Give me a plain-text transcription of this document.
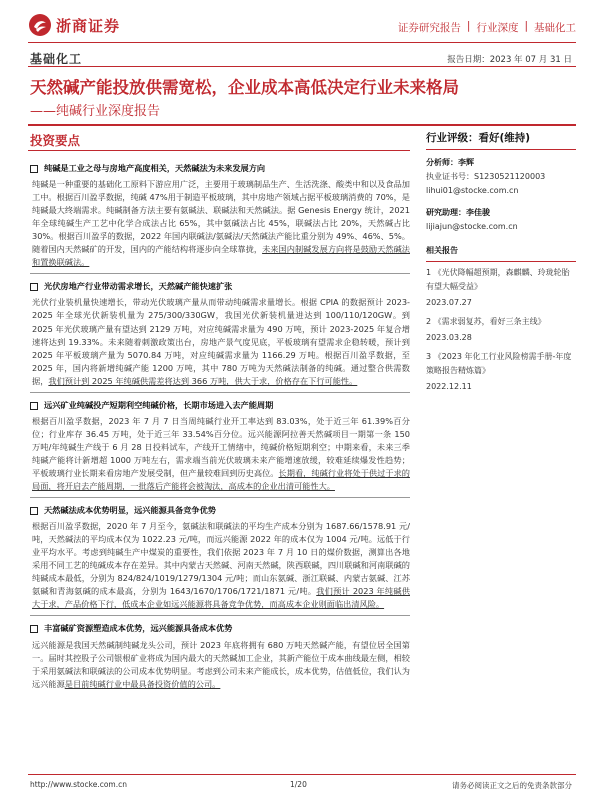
浙商证券	证券研究报告 | 行业深度 | 基础化工
基础化工	报告日期：2023 年 07 月 31 日
天然碱产能投放供需宽松，企业成本高低决定行业未来格局
——纯碱行业深度报告
投资要点
纯碱是工业之母与房地产高度相关，天然碱法为未来发展方向
纯碱是一种重要的基础化工原料下游应用广泛，主要用于玻璃制品生产、生活洗涤、酸类中和以及食品加工中。根据百川盈孚数据，纯碱 47%用于制造平板玻璃，其中房地产领域占据平板玻璃消费的 70%，是纯碱最大终端需求。纯碱制备方法主要有氨碱法、联碱法和天然碱法。据 Genesis Energy 统计，2021 年全球纯碱生产工艺中化学合成法占比 65%，其中氨碱法占比 45%，联碱法占比 20%，天然碱占比 30%。根据百川盈孚的数据，2022 年国内联碱法/氨碱法/天然碱法产能比重分别为 49%、46%、5%。随着国内天然碱矿的开发，国内的产能结构将逐步向全球靠拢，未来国内制碱发展方向将是鼓励天然碱法和置换联碱法。
光伏房地产行业带动需求增长，天然碱产能快速扩张
光伏行业装机量快速增长，带动光伏玻璃产量从而带动纯碱需求量增长。根据 CPIA 的数据预计 2023-2025 年全球光伏新装机量为 275/300/330GW，我国光伏新装机量进达到 100/110/120GW。到 2025 年光伏玻璃产量有望达到 2129 万吨，对应纯碱需求量为 490 万吨，预计 2023-2025 年复合增速将达到 19.33%。未来随着刺激政策出台，房地产景气度见底，平板玻璃有望需求企稳转暖，预计到 2025 年平板玻璃产量为 5070.84 万吨，对应纯碱需求量为 1166.29 万吨。根据百川盈孚数据，至 2025 年，国内将新增纯碱产能 1200 万吨，其中 780 万吨为天然碱法制备的纯碱。通过整合供需数据，我们预计到 2025 年纯碱供需差将达到 366 万吨，供大于求，价格存在下行可能性。
远兴矿业纯碱投产短期利空纯碱价格，长期市场进入去产能周期
根据百川盈孚数据，2023 年 7 月 7 日当周纯碱行业开工率达到 83.03%，处于近三年 61.39%百分位；行业库存 36.45 万吨，处于近三年 33.54%百分位。远兴能源阿拉善天然碱项目一期第一条 150 万吨/年纯碱生产线于 6 月 28 日投料试车，产线开工情绪中，纯碱价格短期利空；中期来看，未来三季纯碱产能将计新增超 1000 万吨左右，需求端当前光伏玻璃未来产能增速放缓，较难延续爆发性趋势；平板玻璃行业长期来看房地产发展受制，但产量较难回到历史高位。长期看，纯碱行业将处于供过于求的局面，将开启去产能周期，一批落后产能将会被淘汰，高成本的企业出清可能性大。
天然碱法成本优势明显，远兴能源具备竞争优势
根据百川盈孚数据，2020 年 7 月至今，氨碱法和联碱法的平均生产成本分别为 1687.66/1578.91 元/吨，天然碱法的平均成本仅为 1022.23 元/吨，而远兴能源 2022 年的成本仅为 1004 元/吨。远低于行业平均水平。考虑到纯碱生产中煤炭的重要性，我们依据 2023 年 7 月 10 日的煤价数据，测算出各地采用不同工艺的纯碱成本存在差异。其中内蒙古天然碱、河南天然碱，陕西联碱，四川联碱和河南联碱的纯碱成本最低，分别为 824/824/1019/1279/1304 元/吨；而山东氨碱、浙江联碱、内蒙古氨碱、江苏氨碱和青海氨碱的成本最高，分别为 1643/1670/1706/1721/1871 元/吨。我们预计 2023 年纯碱供大于求，产品价格下行，低成本企业如远兴能源将具备竞争优势，而高成本企业则面临出清风险。
丰富碱矿资源塑造成本优势，远兴能源具备成本优势
远兴能源是我国天然碱制纯碱龙头公司，预计 2023 年底将拥有 680 万吨天然碱产能，有望位居全国第一。届时其控股子公司银根矿业将成为国内最大的天然碱加工企业，其新产能位于成本曲线最左侧，相较于采用氨碱法和联碱法的公司成本优势明显。考虑到公司未来产能成长，成本优势，估值低位，我们认为远兴能源是目前纯碱行业中最具备投资价值的公司。
行业评级：看好(维持)
分析师：李辉
执业证书号：S1230521120003
lihui01@stocke.com.cn
研究助理：李佳骏
lijiajun@stocke.com.cn
相关报告
1 《光伏降幅超预期，森麒麟、玲珑轮胎有望大幅受益》
2023.07.27
2 《需求弱复苏，看好三条主线》
2023.03.28
3 《2023 年化工行业风险榜需手册-年度策略报告精炼篇》
2022.12.11
http://www.stocke.com.cn	1/20	请务必阅读正文之后的免责条款部分
